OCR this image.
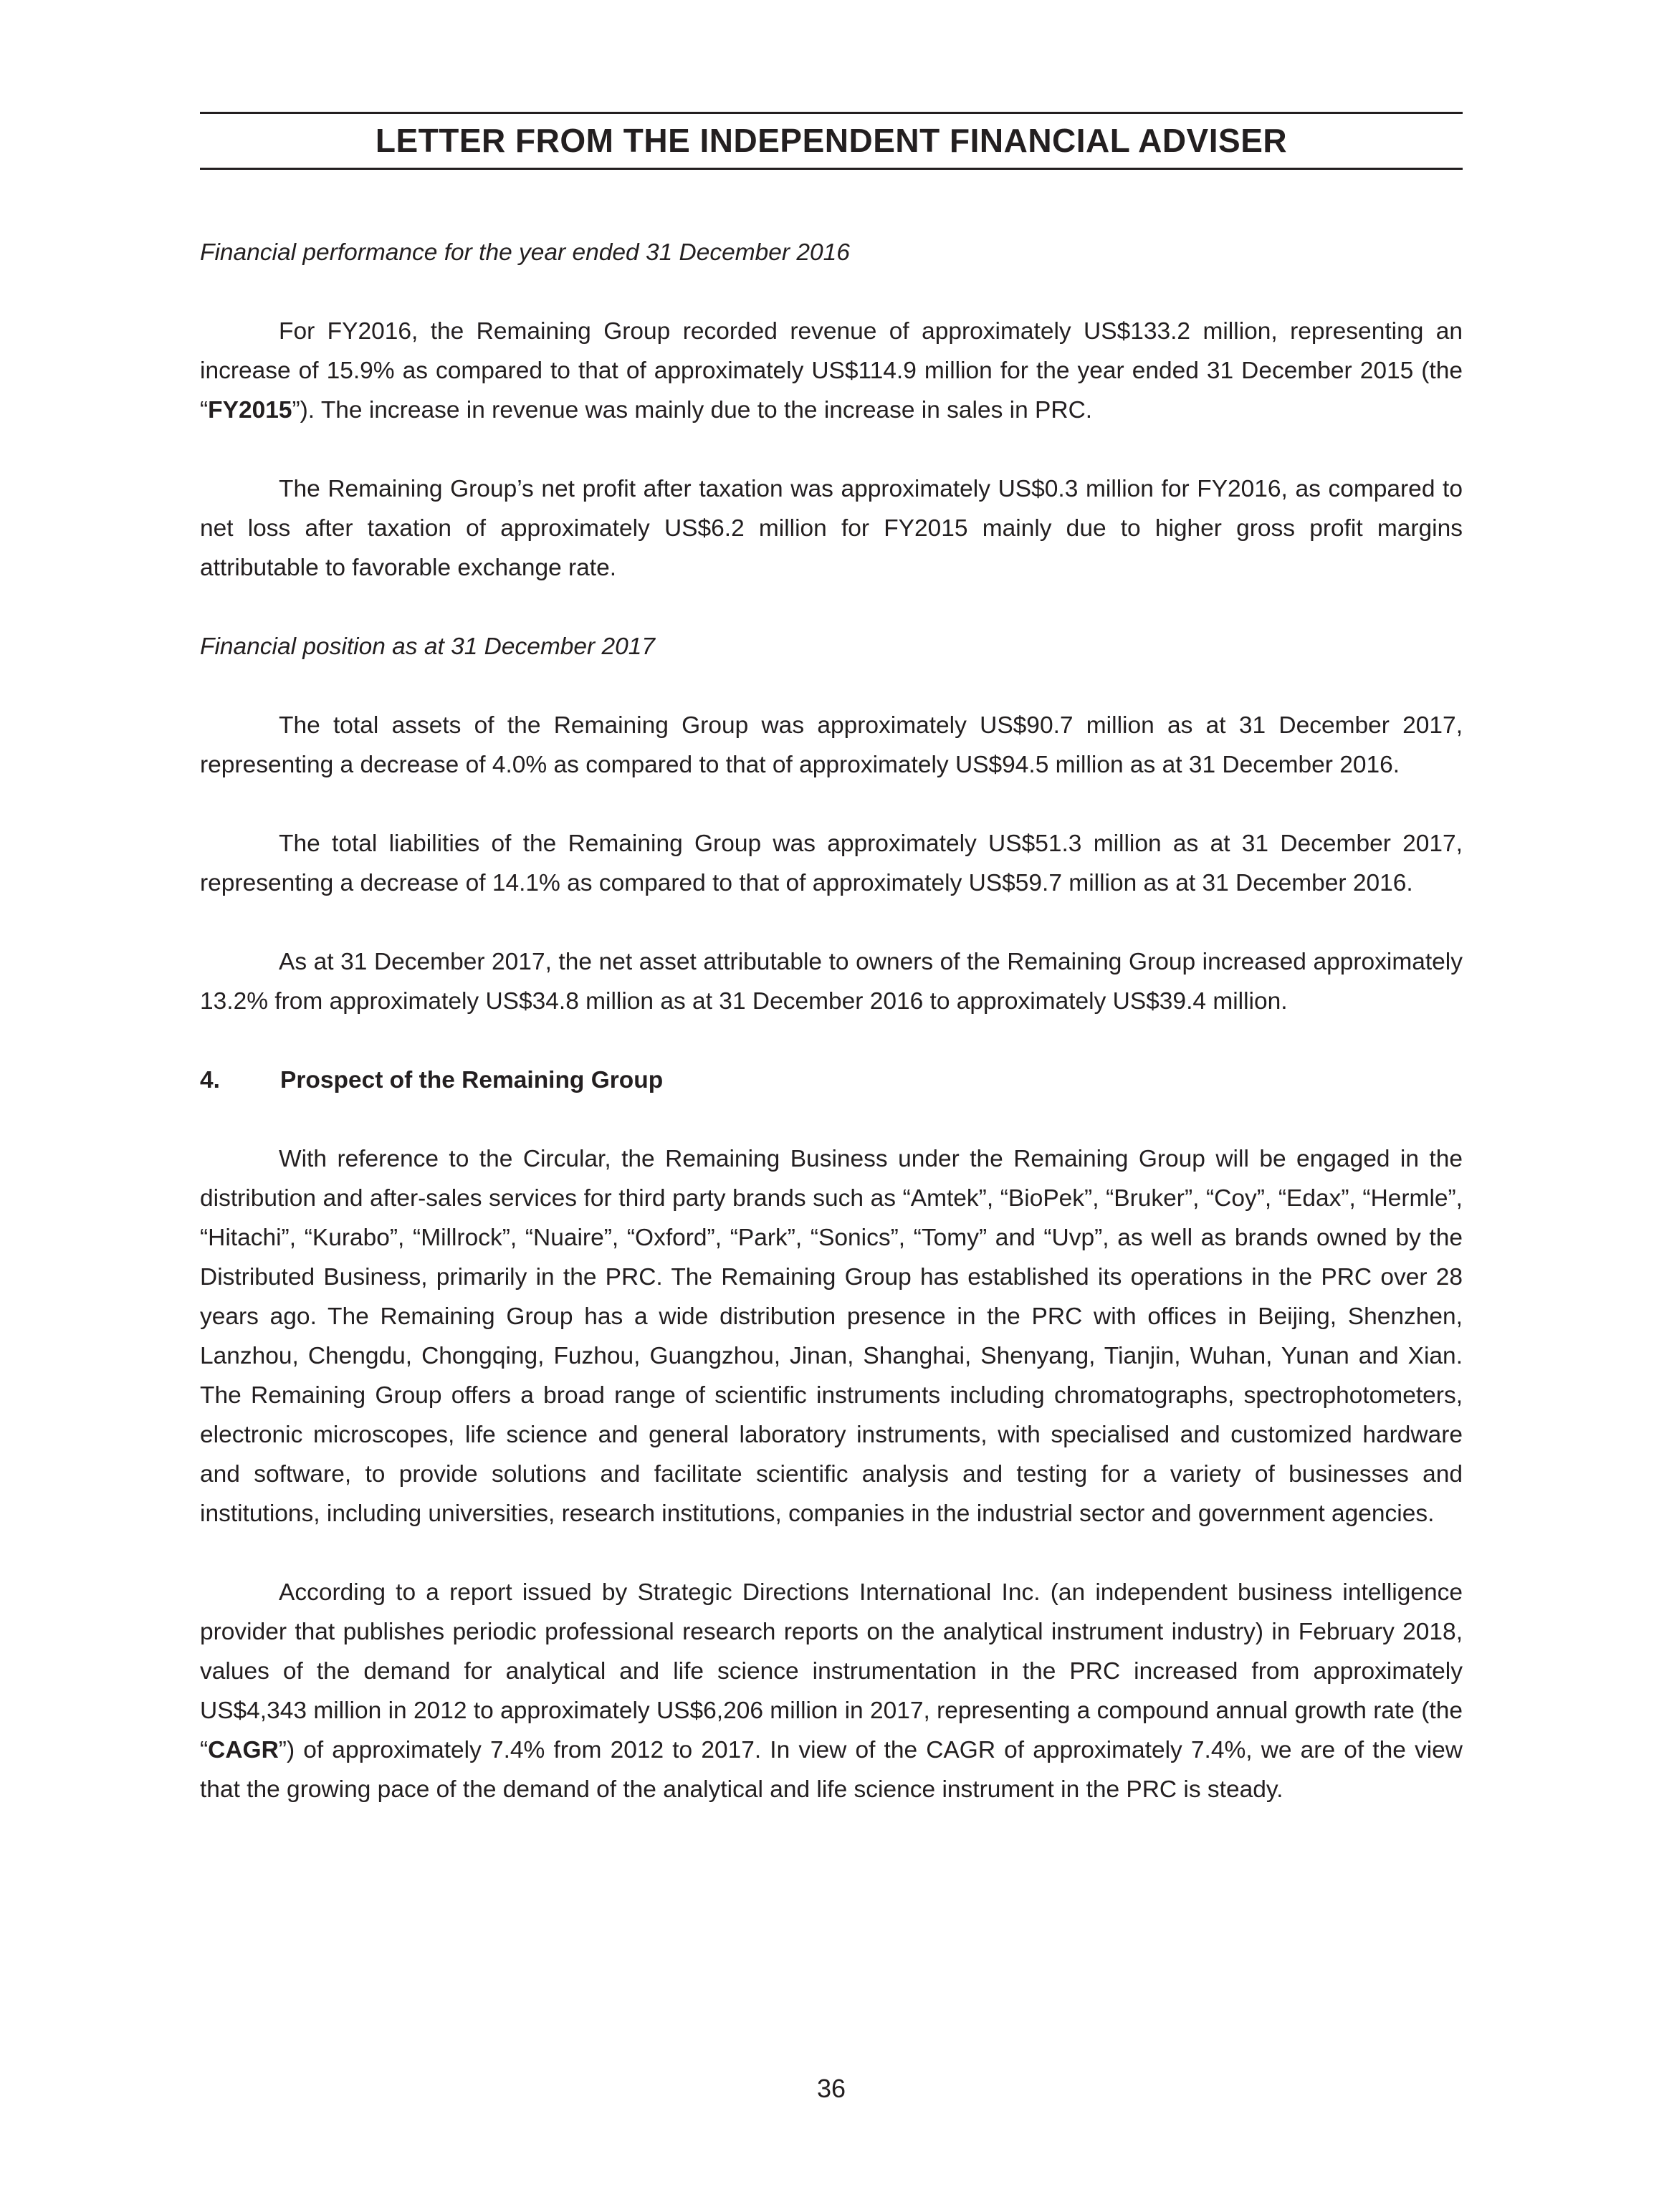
LETTER FROM THE INDEPENDENT FINANCIAL ADVISER
Financial performance for the year ended 31 December 2016
For FY2016, the Remaining Group recorded revenue of approximately US$133.2 million, representing an increase of 15.9% as compared to that of approximately US$114.9 million for the year ended 31 December 2015 (the “FY2015”). The increase in revenue was mainly due to the increase in sales in PRC.
The Remaining Group’s net profit after taxation was approximately US$0.3 million for FY2016, as compared to net loss after taxation of approximately US$6.2 million for FY2015 mainly due to higher gross profit margins attributable to favorable exchange rate.
Financial position as at 31 December 2017
The total assets of the Remaining Group was approximately US$90.7 million as at 31 December 2017, representing a decrease of 4.0% as compared to that of approximately US$94.5 million as at 31 December 2016.
The total liabilities of the Remaining Group was approximately US$51.3 million as at 31 December 2017, representing a decrease of 14.1% as compared to that of approximately US$59.7 million as at 31 December 2016.
As at 31 December 2017, the net asset attributable to owners of the Remaining Group increased approximately 13.2% from approximately US$34.8 million as at 31 December 2016 to approximately US$39.4 million.
4.	Prospect of the Remaining Group
With reference to the Circular, the Remaining Business under the Remaining Group will be engaged in the distribution and after-sales services for third party brands such as “Amtek”, “BioPek”, “Bruker”, “Coy”, “Edax”, “Hermle”, “Hitachi”, “Kurabo”, “Millrock”, “Nuaire”, “Oxford”, “Park”, “Sonics”, “Tomy” and “Uvp”, as well as brands owned by the Distributed Business, primarily in the PRC. The Remaining Group has established its operations in the PRC over 28 years ago. The Remaining Group has a wide distribution presence in the PRC with offices in Beijing, Shenzhen, Lanzhou, Chengdu, Chongqing, Fuzhou, Guangzhou, Jinan, Shanghai, Shenyang, Tianjin, Wuhan, Yunan and Xian. The Remaining Group offers a broad range of scientific instruments including chromatographs, spectrophotometers, electronic microscopes, life science and general laboratory instruments, with specialised and customized hardware and software, to provide solutions and facilitate scientific analysis and testing for a variety of businesses and institutions, including universities, research institutions, companies in the industrial sector and government agencies.
According to a report issued by Strategic Directions International Inc. (an independent business intelligence provider that publishes periodic professional research reports on the analytical instrument industry) in February 2018, values of the demand for analytical and life science instrumentation in the PRC increased from approximately US$4,343 million in 2012 to approximately US$6,206 million in 2017, representing a compound annual growth rate (the “CAGR”) of approximately 7.4% from 2012 to 2017. In view of the CAGR of approximately 7.4%, we are of the view that the growing pace of the demand of the analytical and life science instrument in the PRC is steady.
36
